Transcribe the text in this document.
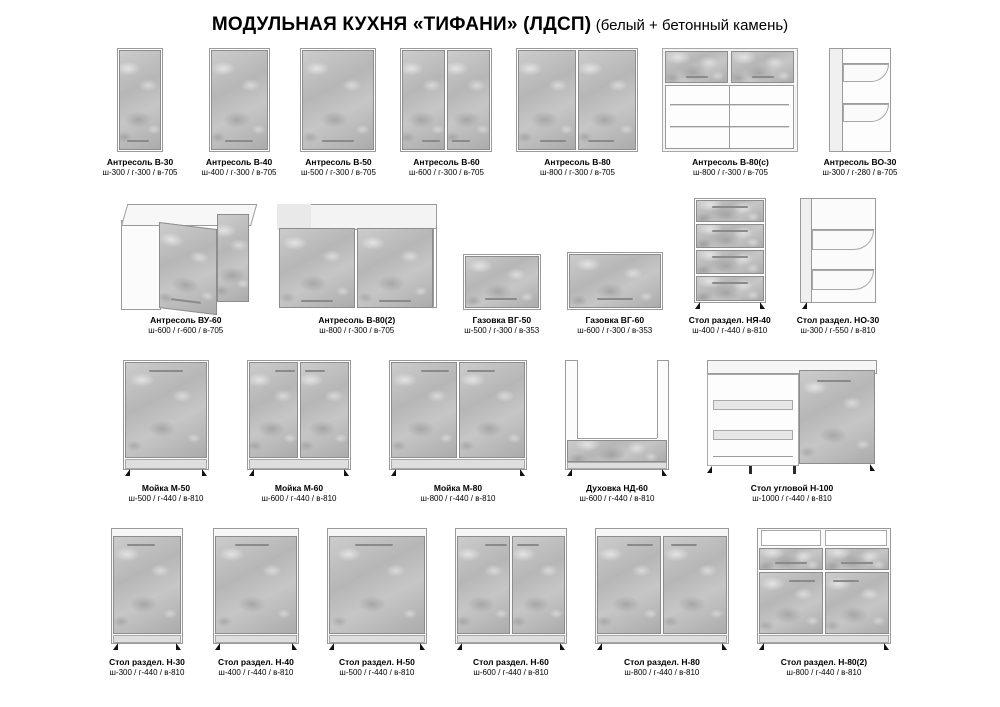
МОДУЛЬНАЯ КУХНЯ «ТИФАНИ» (ЛДСП) (белый + бетонный камень)
Антресоль В-30
ш-300 / г-300 / в-705
Антресоль В-40
ш-400 / г-300 / в-705
Антресоль В-50
ш-500 / г-300 / в-705
Антресоль В-60
ш-600 / г-300 / в-705
Антресоль В-80
ш-800 / г-300 / в-705
Антресоль В-80(с)
ш-800 / г-300 / в-705
Антресоль ВО-30
ш-300 / г-280 / в-705
Антресоль ВУ-60
ш-600 / г-600 / в-705
Антресоль В-80(2)
ш-800 / г-300 / в-705
Газовка ВГ-50
ш-500 / г-300 / в-353
Газовка ВГ-60
ш-600 / г-300 / в-353
Стол раздел. НЯ-40
ш-400 / г-440 / в-810
Стол раздел. НО-30
ш-300 / г-550 / в-810
Мойка М-50
ш-500 / г-440 / в-810
Мойка М-60
ш-600 / г-440 / в-810
Мойка М-80
ш-800 / г-440 / в-810
Духовка НД-60
ш-600 / г-440 / в-810
Стол угловой Н-100
ш-1000 / г-440 / в-810
Стол раздел. Н-30
ш-300 / г-440 / в-810
Стол раздел. Н-40
ш-400 / г-440 / в-810
Стол раздел. Н-50
ш-500 / г-440 / в-810
Стол раздел. Н-60
ш-600 / г-440 / в-810
Стол раздел. Н-80
ш-800 / г-440 / в-810
Стол раздел. Н-80(2)
ш-800 / г-440 / в-810
